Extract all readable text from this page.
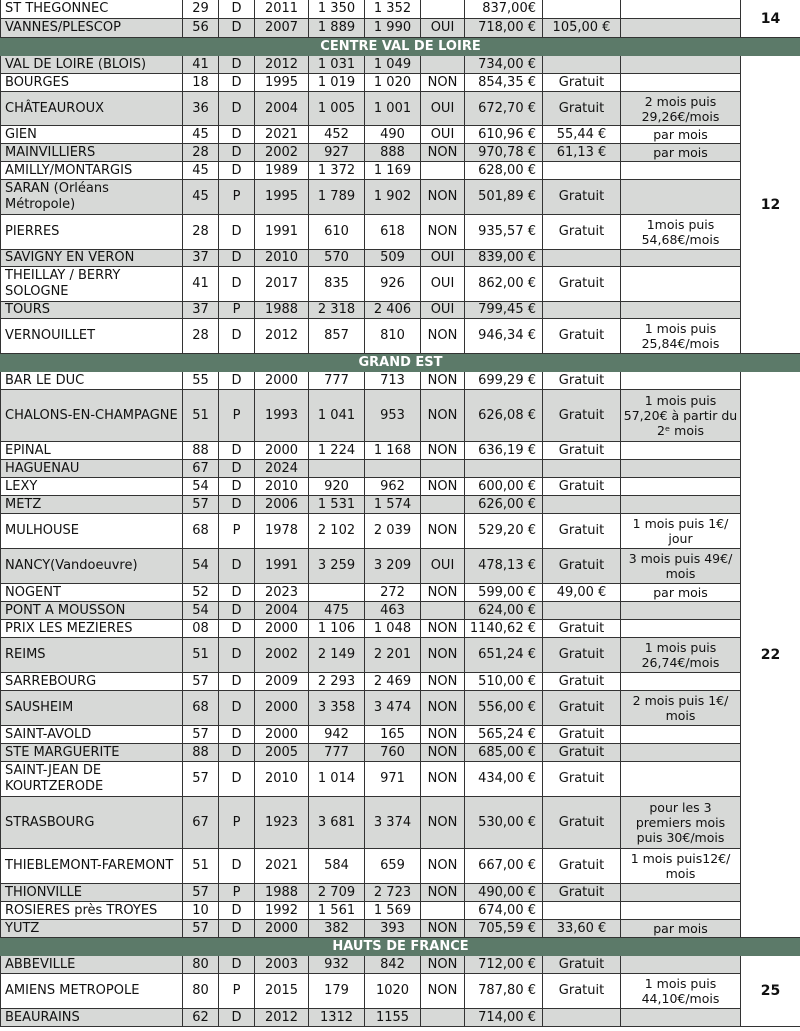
ST THEGONNEC	29	D	2011	1 350	1 352		837,00€			14
VANNES/PLESCOP	56	D	2007	1 889	1 990	OUI	718,00 €	105,00 €		
CENTRE VAL DE LOIRE										
VAL DE LOIRE (BLOIS)	41	D	2012	1 031	1 049		734,00 €			12
BOURGES	18	D	1995	1 019	1 020	NON	854,35 €	Gratuit		
CHÂTEAUROUX	36	D	2004	1 005	1 001	OUI	672,70 €	Gratuit	2 mois puis 29,26€/mois	
GIEN	45	D	2021	452	490	OUI	610,96 €	55,44 €	par mois	
MAINVILLIERS	28	D	2002	927	888	NON	970,78 €	61,13 €	par mois	
AMILLY/MONTARGIS	45	D	1989	1 372	1 169		628,00 €			
SARAN (Orléans Métropole)	45	P	1995	1 789	1 902	NON	501,89 €	Gratuit		
PIERRES	28	D	1991	610	618	NON	935,57 €	Gratuit	1mois puis 54,68€/mois	
SAVIGNY EN VERON	37	D	2010	570	509	OUI	839,00 €			
THEILLAY / BERRY SOLOGNE	41	D	2017	835	926	OUI	862,00 €	Gratuit		
TOURS	37	P	1988	2 318	2 406	OUI	799,45 €			
VERNOUILLET	28	D	2012	857	810	NON	946,34 €	Gratuit	1 mois puis 25,84€/mois	
GRAND EST										
BAR LE DUC	55	D	2000	777	713	NON	699,29 €	Gratuit		22
CHALONS-EN-CHAMPAGNE	51	P	1993	1 041	953	NON	626,08 €	Gratuit	1 mois puis 57,20€ à partir du 2ᵉ mois	
EPINAL	88	D	2000	1 224	1 168	NON	636,19 €	Gratuit		
HAGUENAU	67	D	2024							
LEXY	54	D	2010	920	962	NON	600,00 €	Gratuit		
METZ	57	D	2006	1 531	1 574		626,00 €			
MULHOUSE	68	P	1978	2 102	2 039	NON	529,20 €	Gratuit	1 mois puis 1€/ jour	
NANCY(Vandoeuvre)	54	D	1991	3 259	3 209	OUI	478,13 €	Gratuit	3 mois puis 49€/ mois	
NOGENT	52	D	2023		272	NON	599,00 €	49,00 €	par mois	
PONT A MOUSSON	54	D	2004	475	463		624,00 €			
PRIX LES MEZIERES	08	D	2000	1 106	1 048	NON	1140,62 €	Gratuit		
REIMS	51	D	2002	2 149	2 201	NON	651,24 €	Gratuit	1 mois puis 26,74€/mois	
SARREBOURG	57	D	2009	2 293	2 469	NON	510,00 €	Gratuit		
SAUSHEIM	68	D	2000	3 358	3 474	NON	556,00 €	Gratuit	2 mois puis 1€/ mois	
SAINT-AVOLD	57	D	2000	942	165	NON	565,24 €	Gratuit		
STE MARGUERITE	88	D	2005	777	760	NON	685,00 €	Gratuit		
SAINT-JEAN DE KOURTZERODE	57	D	2010	1 014	971	NON	434,00 €	Gratuit		
STRASBOURG	67	P	1923	3 681	3 374	NON	530,00 €	Gratuit	pour les 3 premiers mois puis 30€/mois	
THIEBLEMONT-FAREMONT	51	D	2021	584	659	NON	667,00 €	Gratuit	1 mois puis12€/ mois	
THIONVILLE	57	P	1988	2 709	2 723	NON	490,00 €	Gratuit		
ROSIERES près TROYES	10	D	1992	1 561	1 569		674,00 €			
YUTZ	57	D	2000	382	393	NON	705,59 €	33,60 €	par mois	
HAUTS DE FRANCE										
ABBEVILLE	80	D	2003	932	842	NON	712,00 €	Gratuit		25
AMIENS METROPOLE	80	P	2015	179	1020	NON	787,80 €	Gratuit	1 mois puis 44,10€/mois	
BEAURAINS	62	D	2012	1312	1155		714,00 €			
